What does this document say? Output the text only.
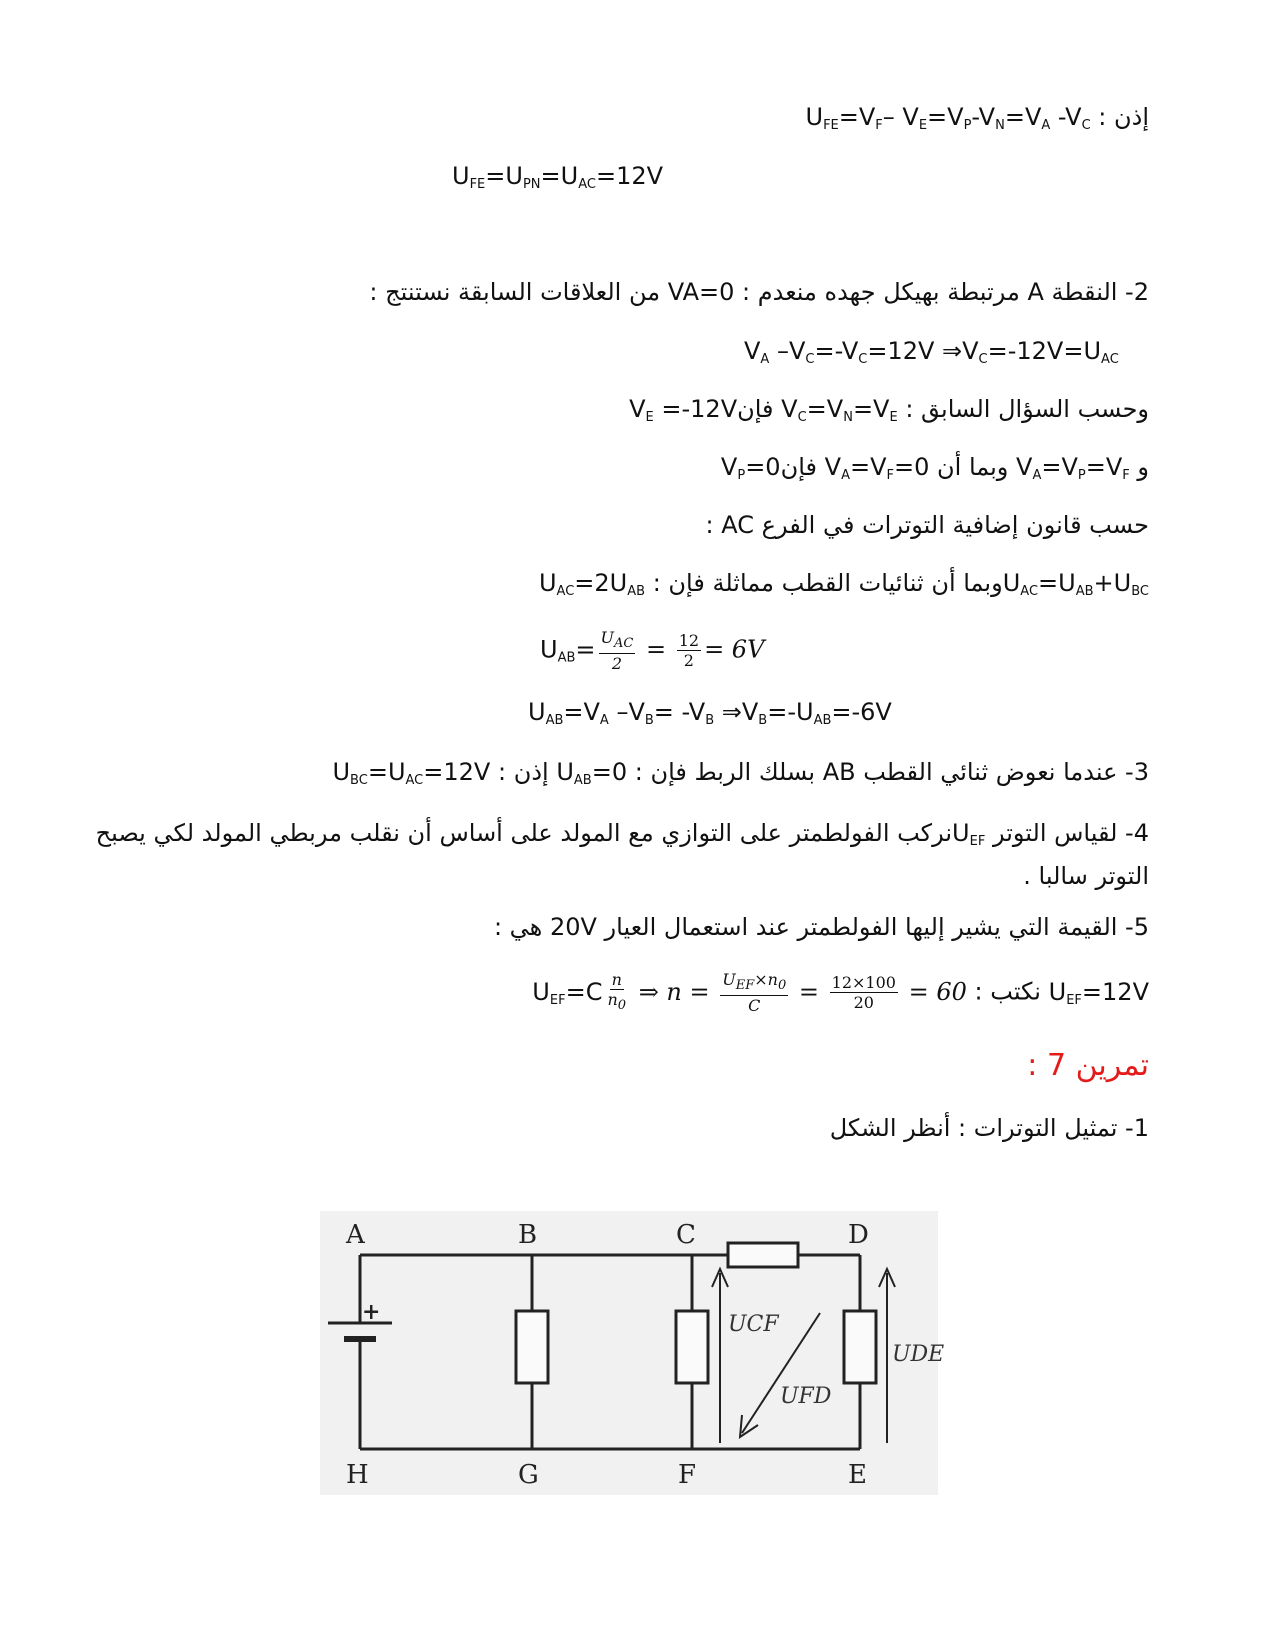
إذن : $U_{FE}=V_F-$ $V_E=V_P-V_N=V_A$ $-V_C$
$U_{FE}=U_{PN}=U_{AC}=12V$
2- النقطة A مرتبطة بهيكل جهده منعدم : VA=0 من العلاقات السابقة نستنتج :
$V_A$ $-V_C=-V_C=12V$ $\Rightarrow V_C=-12V=U_{AC}$
وحسب السؤال السابق : $V_C=V_N=V_E$ فإنV$_E$ =-12V
و $V_A=V_P=V_F$ وبما أن $V_A=V_F=0$ فإنV$_P$=0
حسب قانون إضافية التوترات في الفرع AC :
$U_{AC}=U_{AB}+U_{BC}وبما$ أن ثنائيات القطب مماثلة فإن : $U_{AC}=2U_{AB}$
$U_{AB}= \frac{U_{AC}}{2} = \frac{12}{2} = 6V$
$U_{AB}=V_A$ $-V_B= -V_B$ $\Rightarrow V_B=-U_{AB}=-6V$
3- عندما نعوض ثنائي القطب AB بسلك الربط فإن : $U_{AB}=0$ إذن : $U_{BC}=U_{AC}=12V$
4- لقياس التوتر $U_{EF}نركب$ الفولطمتر على التوازي مع المولد على أساس أن نقلب مربطي المولد لكي يصبح التوتر سالبا .
5- القيمة التي يشير إليها الفولطمتر عند استعمال العيار 20V هي :
$U_{EF}=12V$ نكتب : $U_{EF}=C \frac{n}{n_0}$ ⇒ $n = \frac{U_{EF}\times n_0}{C} = \frac{12\times 100}{20} = 60$
تمرين 7 :
1- تمثيل التوترات : أنظر الشكل
A	B	C	D
H	G	F	E
+	UCF
UFD
UDE
